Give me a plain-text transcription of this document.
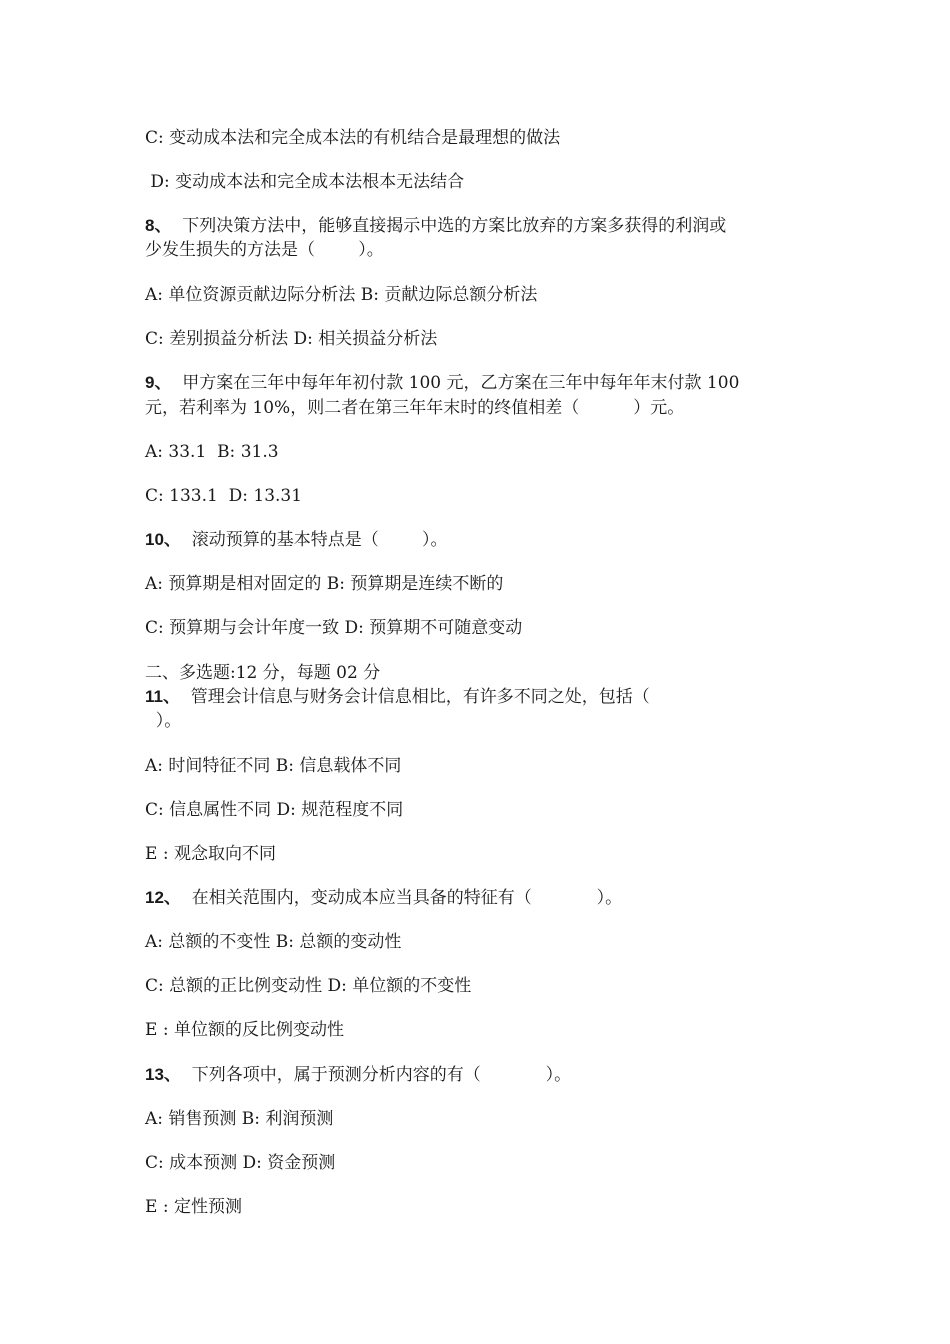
C: 变动成本法和完全成本法的有机结合是最理想的做法
D: 变动成本法和完全成本法根本无法结合
8、  下列决策方法中，能够直接揭示中选的方案比放弃的方案多获得的利润或
少发生损失的方法是（        ）。
A: 单位资源贡献边际分析法 B: 贡献边际总额分析法
C: 差别损益分析法 D: 相关损益分析法
9、  甲方案在三年中每年年初付款 100 元，乙方案在三年中每年年末付款 100
元，若利率为 10%，则二者在第三年年末时的终值相差（          ）元。
A: 33.1  B: 31.3
C: 133.1  D: 13.31
10、  滚动预算的基本特点是（        ）。
A: 预算期是相对固定的 B: 预算期是连续不断的
C: 预算期与会计年度一致 D: 预算期不可随意变动
二、多选题:12 分，每题 02 分
11、  管理会计信息与财务会计信息相比，有许多不同之处，包括（
）。
A: 时间特征不同 B: 信息载体不同
C: 信息属性不同 D: 规范程度不同
E : 观念取向不同
12、  在相关范围内，变动成本应当具备的特征有（            ）。
A: 总额的不变性 B: 总额的变动性
C: 总额的正比例变动性 D: 单位额的不变性
E : 单位额的反比例变动性
13、  下列各项中，属于预测分析内容的有（            ）。
A: 销售预测 B: 利润预测
C: 成本预测 D: 资金预测
E : 定性预测
